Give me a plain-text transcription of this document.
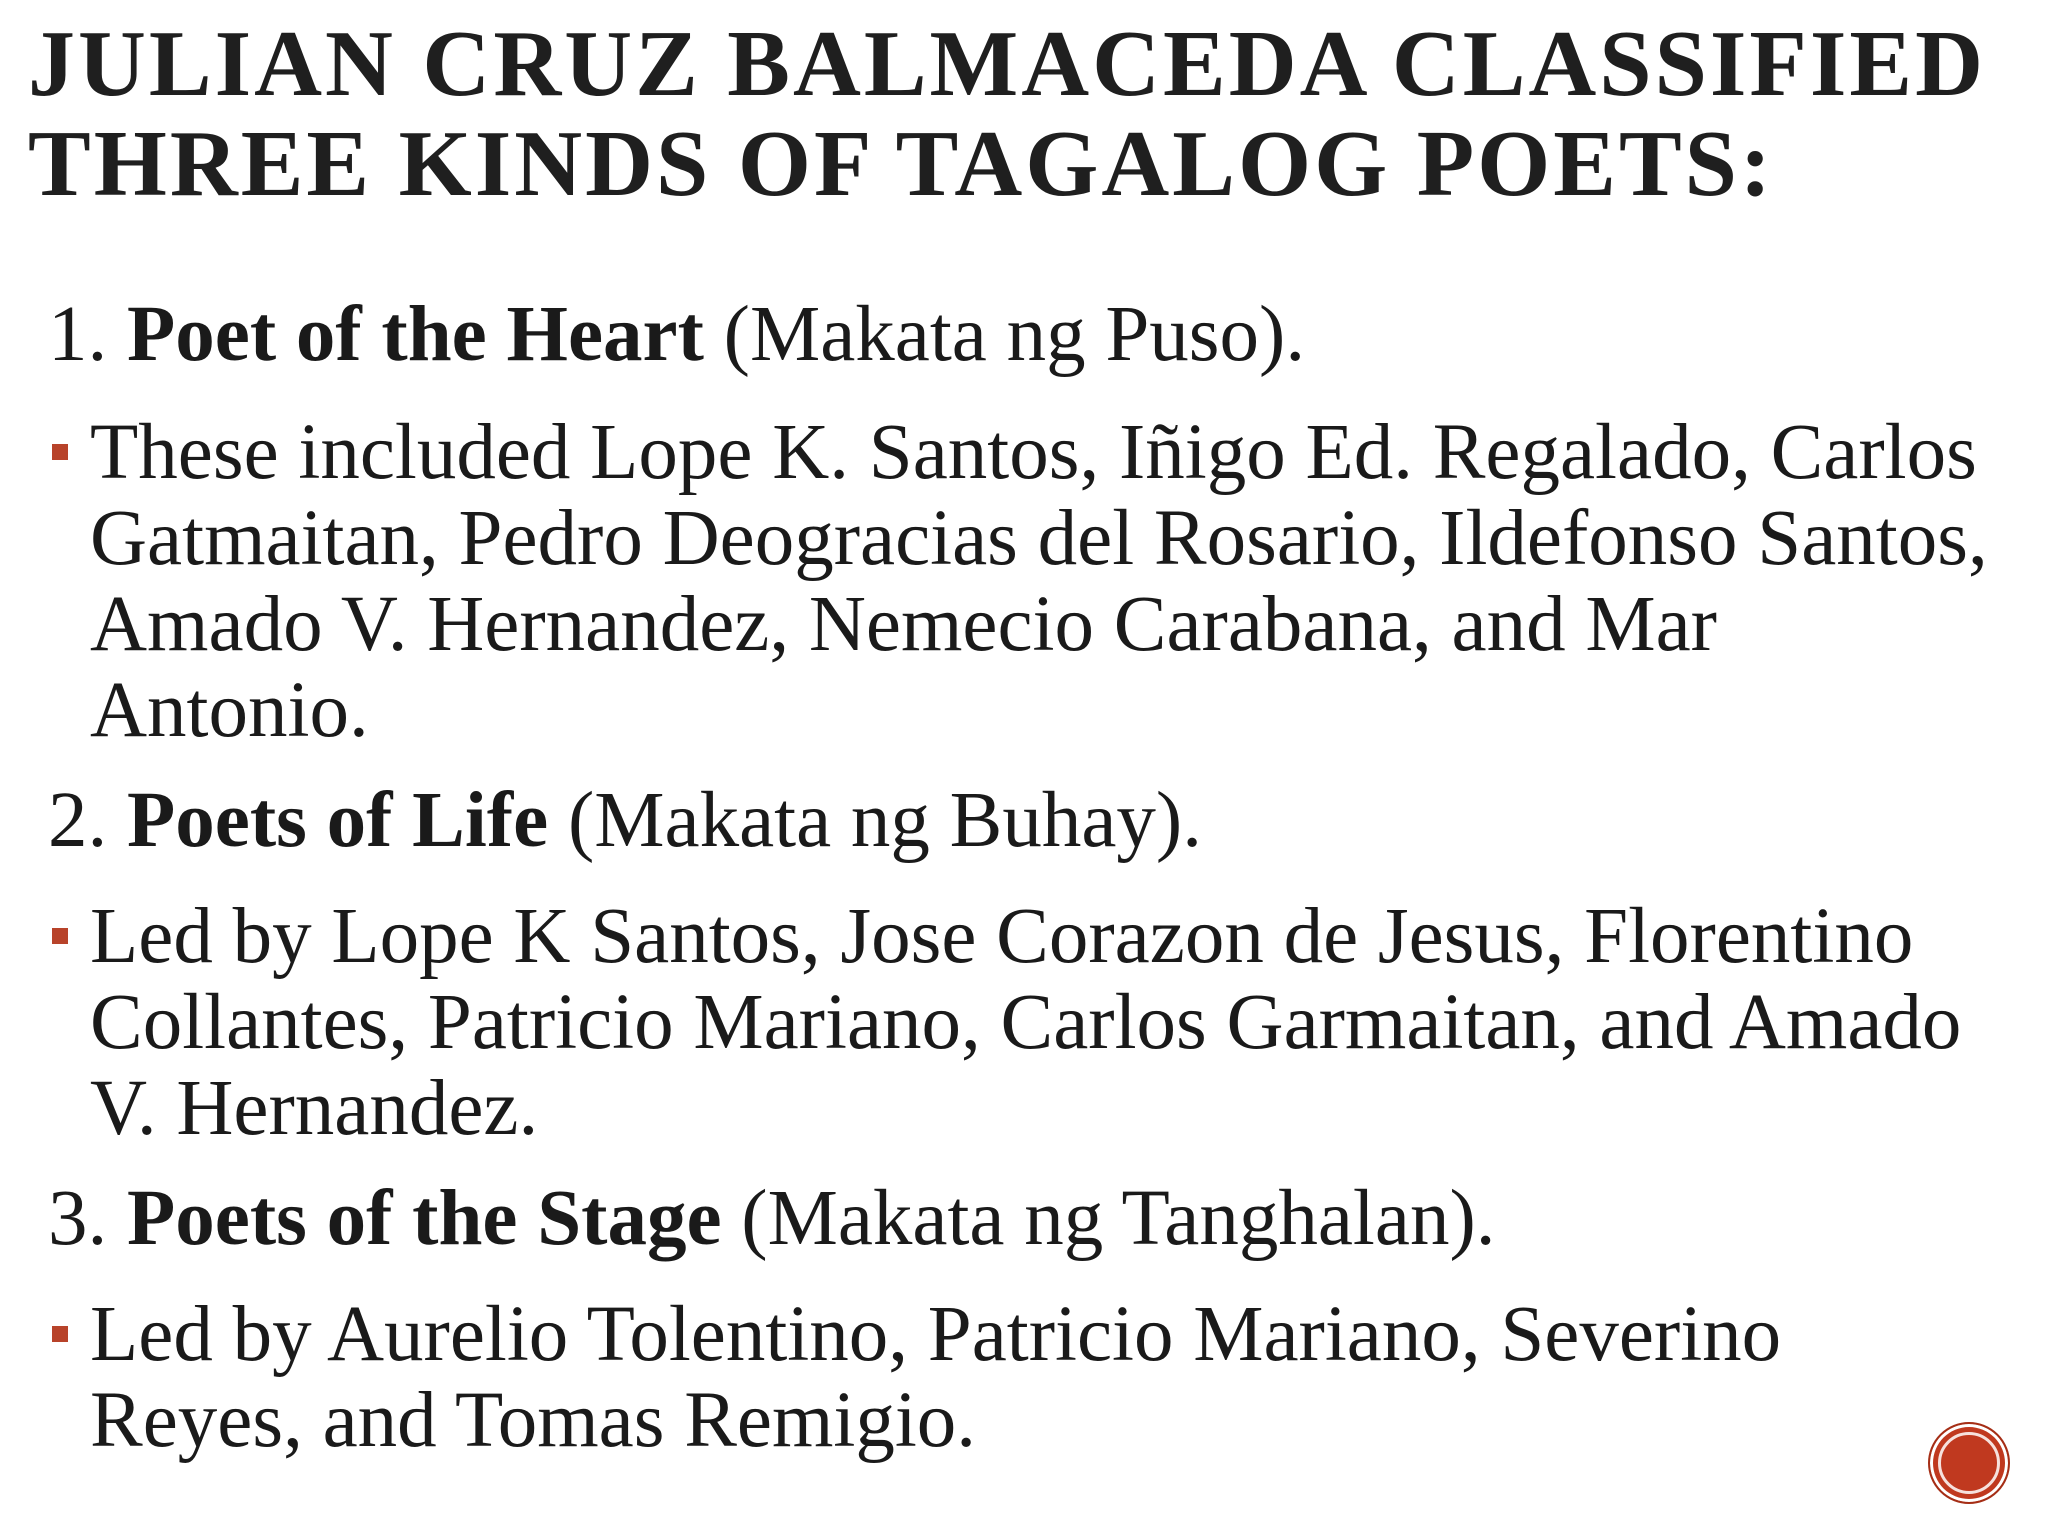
JULIAN CRUZ BALMACEDA CLASSIFIED
THREE KINDS OF TAGALOG POETS:

1. Poet of the Heart (Makata ng Puso).

These included Lope K. Santos, Iñigo Ed. Regalado, Carlos Gatmaitan, Pedro Deogracias del Rosario, Ildefonso Santos, Amado V. Hernandez, Nemecio Carabana, and Mar Antonio.

2. Poets of Life (Makata ng Buhay).

Led by Lope K Santos, Jose Corazon de Jesus, Florentino Collantes, Patricio Mariano, Carlos Garmaitan, and Amado V. Hernandez.

3. Poets of the Stage (Makata ng Tanghalan).

Led by Aurelio Tolentino, Patricio Mariano, Severino Reyes, and Tomas Remigio.
